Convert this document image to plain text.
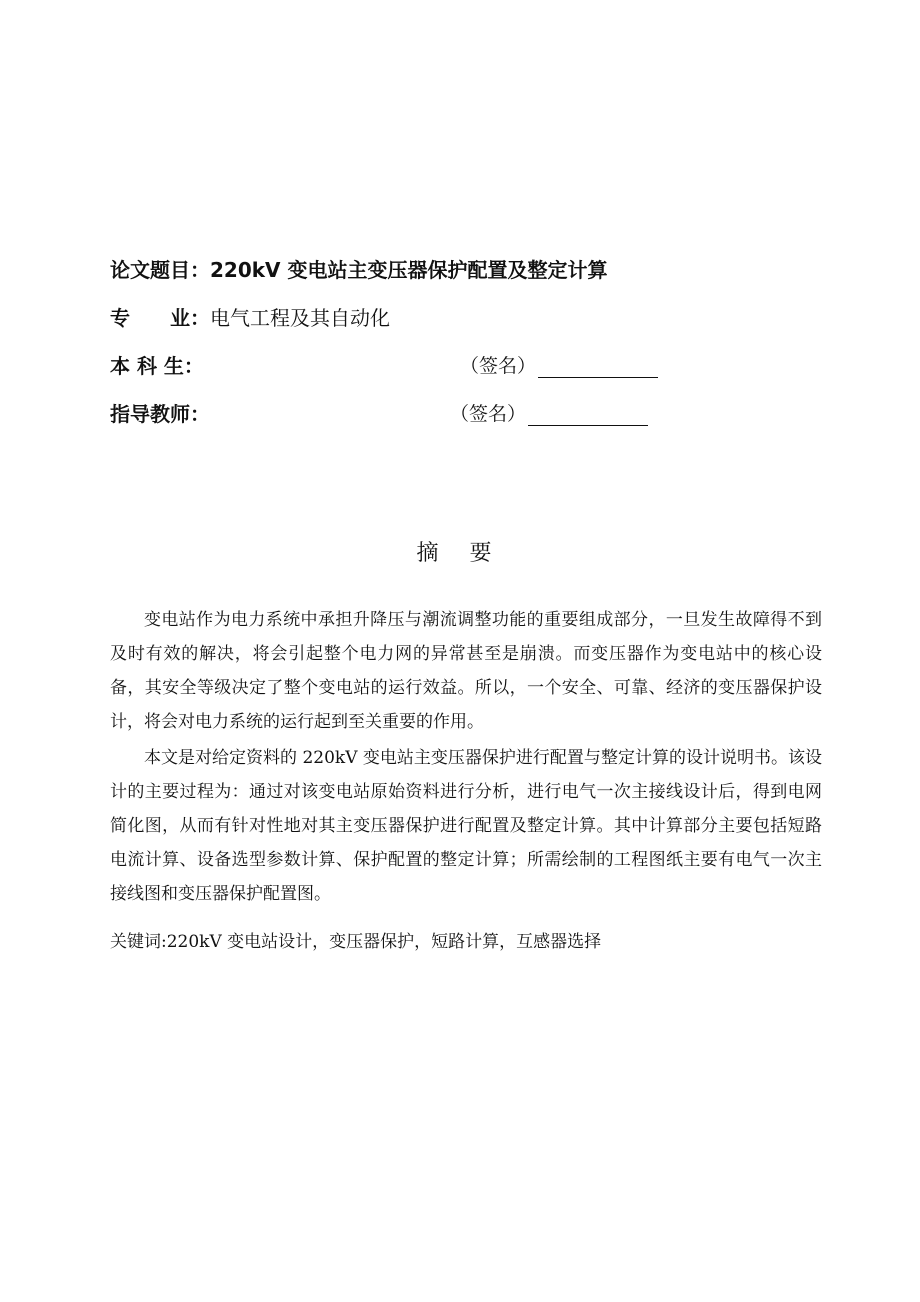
论文题目：220kV 变电站主变压器保护配置及整定计算
专　　业：电气工程及其自动化
本 科 生：	（签名）
指导教师：	（签名）
摘 要

变电站作为电力系统中承担升降压与潮流调整功能的重要组成部分，一旦发生故障得不到及时有效的解决，将会引起整个电力网的异常甚至是崩溃。而变压器作为变电站中的核心设备，其安全等级决定了整个变电站的运行效益。所以，一个安全、可靠、经济的变压器保护设计，将会对电力系统的运行起到至关重要的作用。

本文是对给定资料的 220kV 变电站主变压器保护进行配置与整定计算的设计说明书。该设计的主要过程为：通过对该变电站原始资料进行分析，进行电气一次主接线设计后，得到电网简化图，从而有针对性地对其主变压器保护进行配置及整定计算。其中计算部分主要包括短路电流计算、设备选型参数计算、保护配置的整定计算；所需绘制的工程图纸主要有电气一次主接线图和变压器保护配置图。

关键词:220kV 变电站设计，变压器保护，短路计算，互感器选择
